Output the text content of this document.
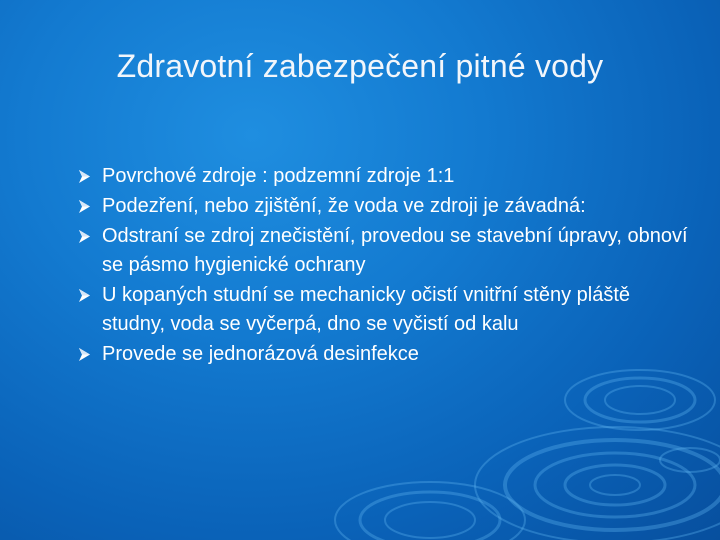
Zdravotní zabezpečení pitné vody
Povrchové zdroje : podzemní zdroje 1:1
Podezření, nebo zjištění, že voda ve zdroji je závadná:
Odstraní se zdroj znečistění, provedou se stavební úpravy, obnoví se pásmo hygienické ochrany
U kopaných studní se mechanicky očistí vnitřní stěny pláště studny, voda se vyčerpá, dno se vyčistí od kalu
Provede se jednorázová desinfekce
